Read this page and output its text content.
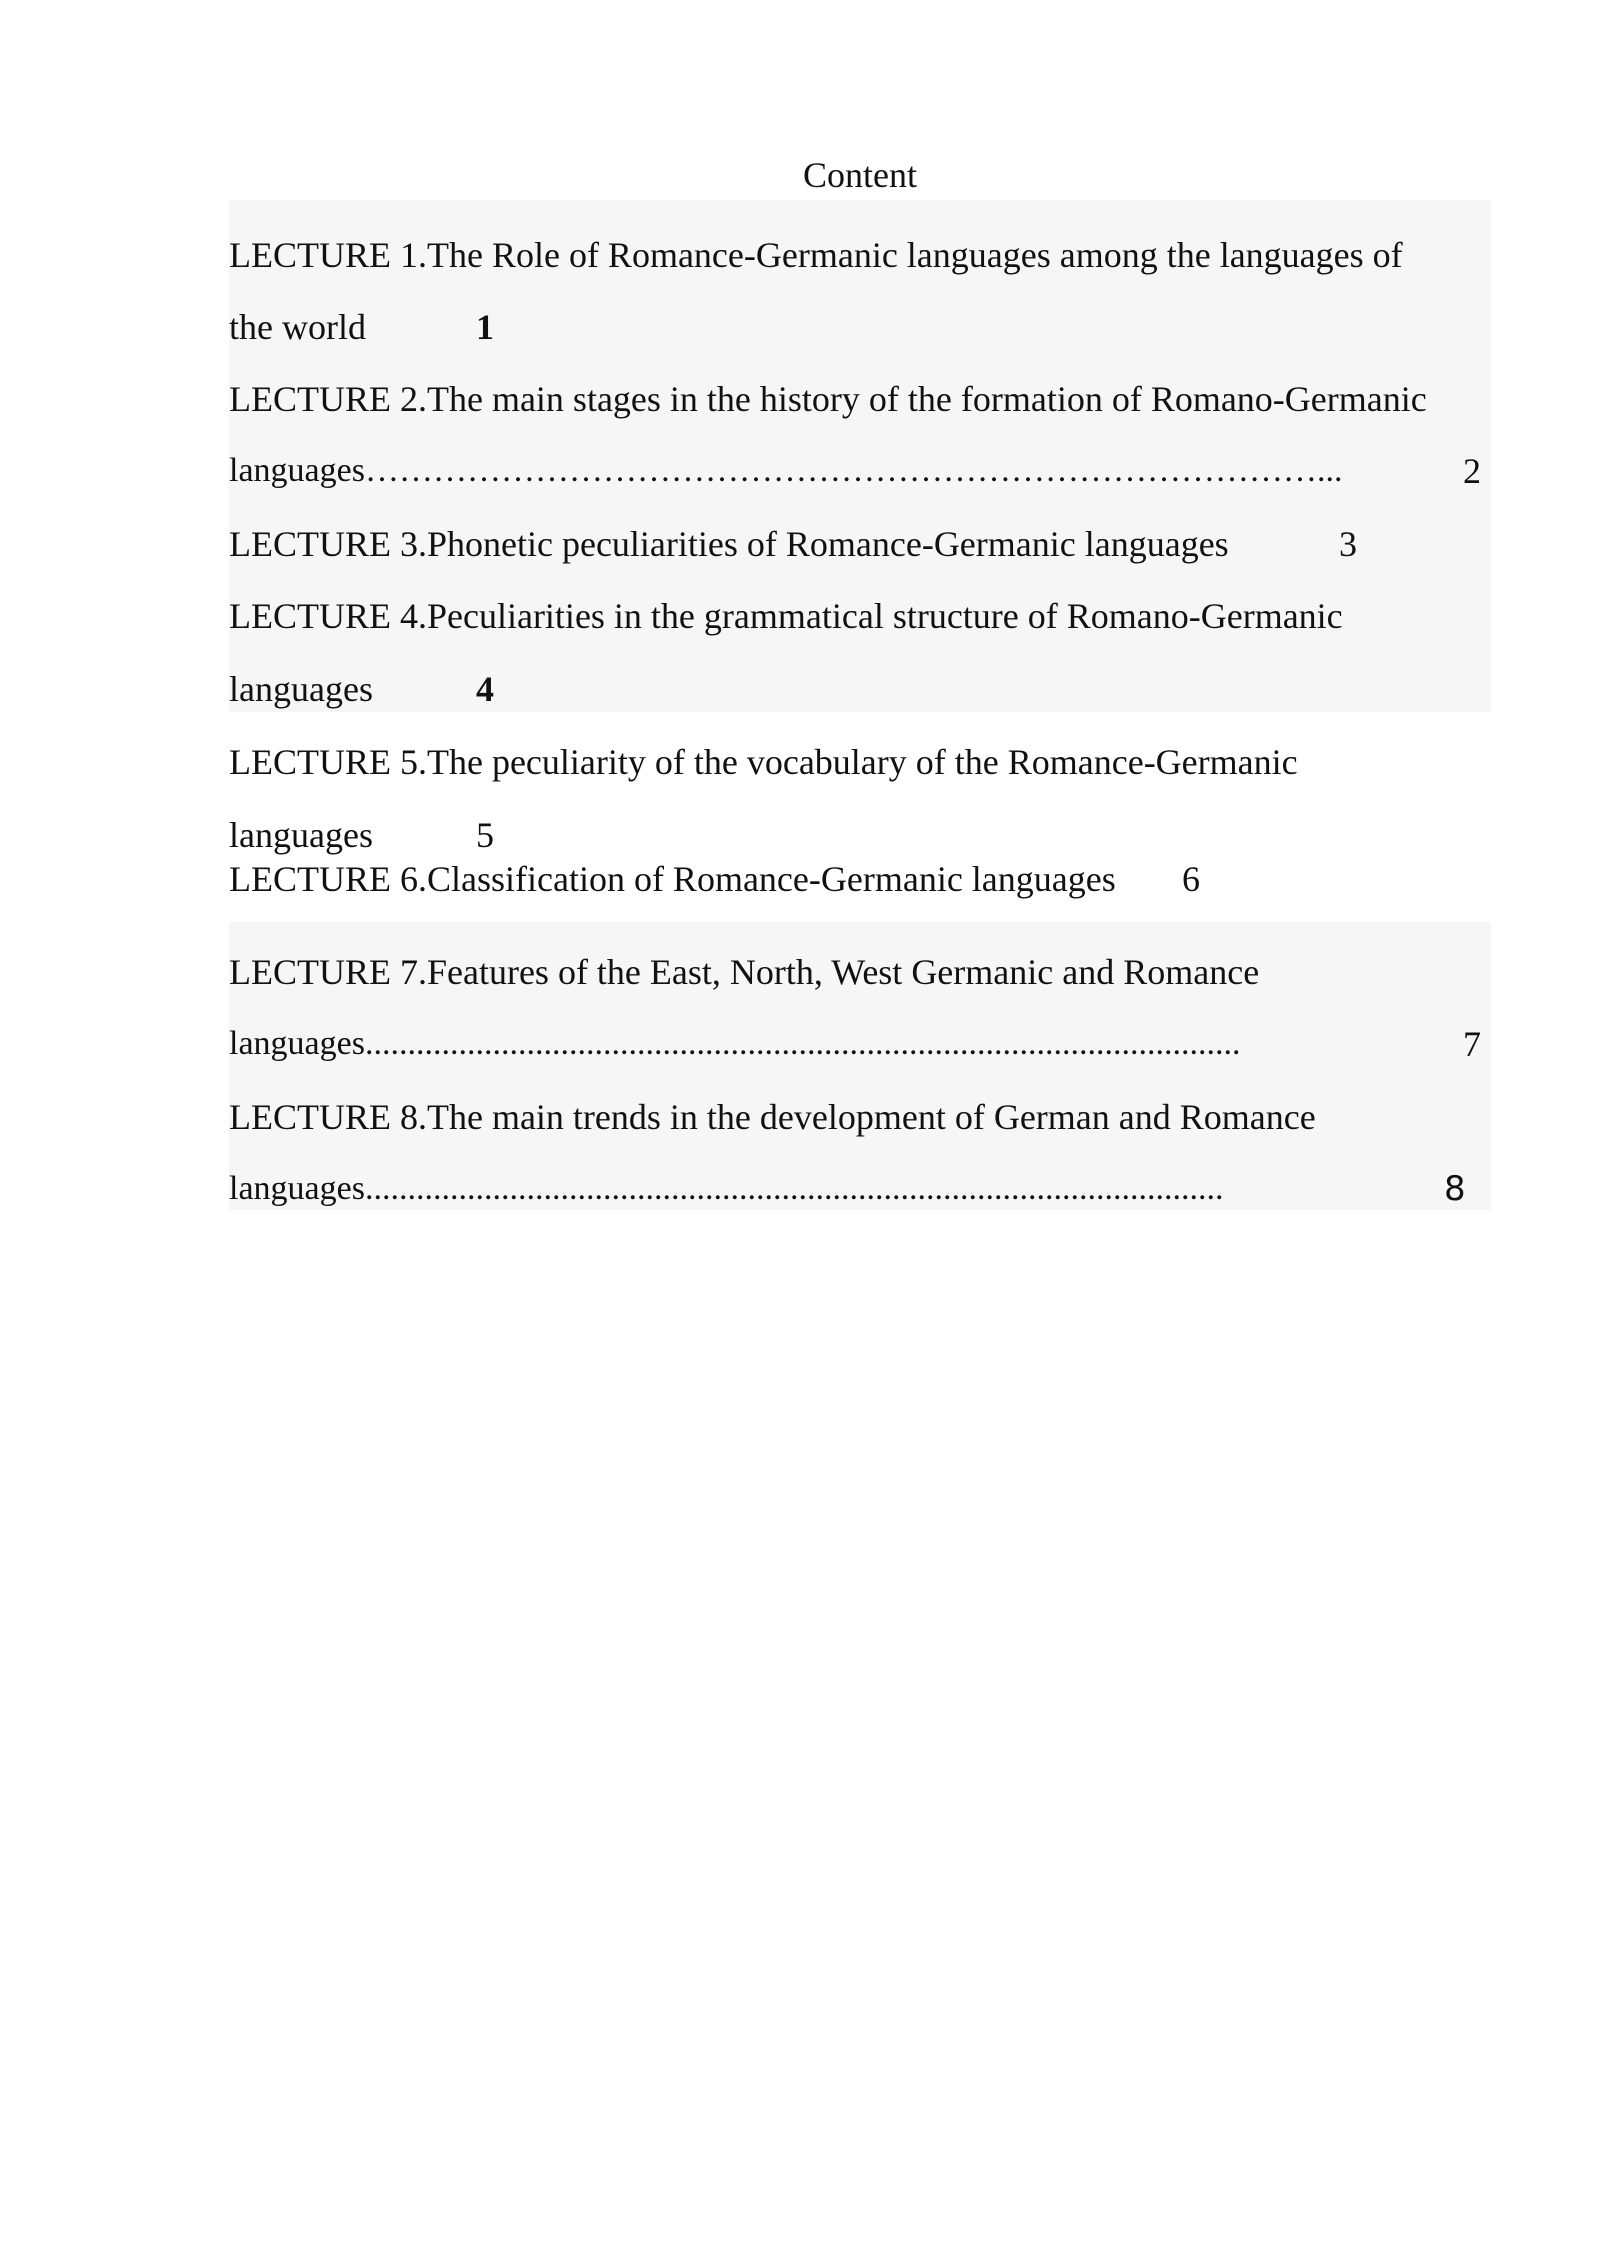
Content
LECTURE 1.The Role of Romance-Germanic languages among the languages of
the world	1
LECTURE 2.The main stages in the history of the formation of Romano-Germanic
languages…………………………………………………………………………...	2
LECTURE 3.Phonetic peculiarities of Romance-Germanic languages	3
LECTURE 4.Peculiarities in the grammatical structure of Romano-Germanic
languages	4
LECTURE 5.The peculiarity of the vocabulary of the Romance-Germanic
languages	5
LECTURE 6.Classification of Romance-Germanic languages 6
LECTURE 7.Features of the East, North, West Germanic and Romance
languages.......................................................................................................	7
LECTURE 8.The main trends in the development of German and Romance
languages.....................................................................................................	8
